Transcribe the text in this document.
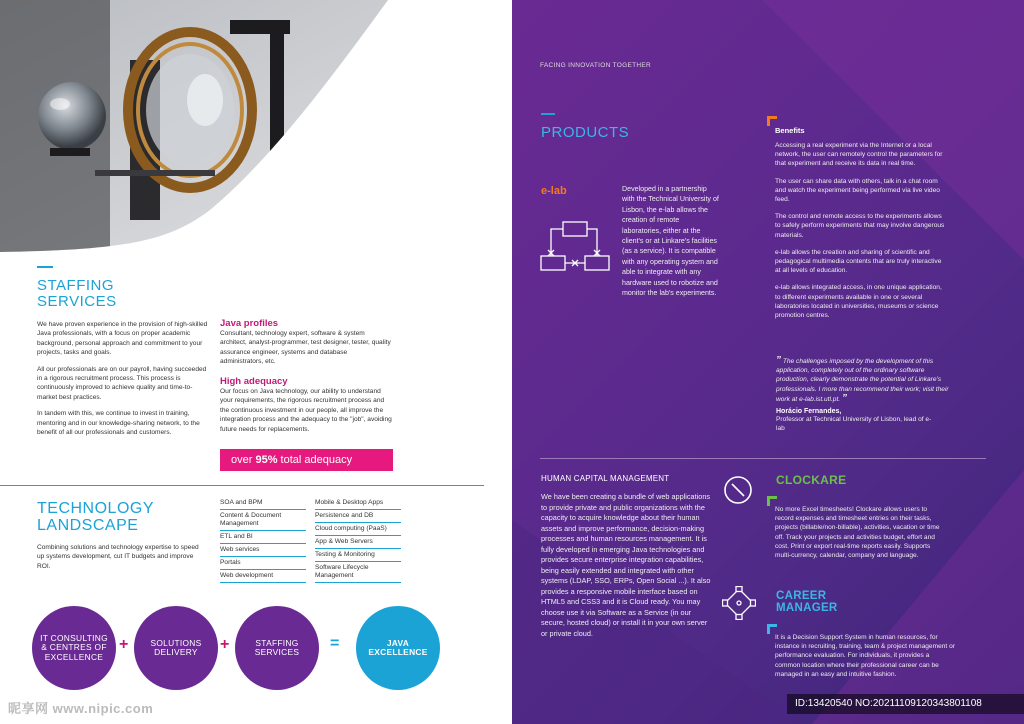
STAFFING
SERVICES

We have proven experience in the provision of high-skilled Java professionals, with a focus on proper academic background, personal approach and commitment to your projects, tasks and goals.

All our professionals are on our payroll, having succeeded in a rigorous recruitment process. This process is continuously improved to achieve quality and time-to-market best practices.

In tandem with this, we continue to invest in training, mentoring and in our knowledge-sharing network, to the benefit of all our professionals and customers.

Java profiles
Consultant, technology expert, software & system architect, analyst-programmer, test designer, tester, quality assurance engineer, systems and database administrators, etc.
High adequacy
Our focus on Java technology, our ability to understand your requirements, the rigorous recruitment process and the continuous investment in our people, all improve the integration process and the adequacy to the "job", avoiding future needs for replacements.
over 95% total adequacy
TECHNOLOGY
LANDSCAPE
Combining solutions and technology expertise to speed up systems development, cut IT budgets and improve ROI.
SOA and BPM
Content & Document Management
ETL and BI
Web services
Portals
Web development
Mobile & Desktop Apps
Persistence and DB
Cloud computing (PaaS)
App & Web Servers
Testing & Monitoring
Software Lifecycle Management
IT CONSULTING
& CENTRES OF
EXCELLENCE
+	SOLUTIONS
DELIVERY +	STAFFING
SERVICES =	JAVA
EXCELLENCE
昵享网 www.nipic.com
FACING INNOVATION TOGETHER
PRODUCTS
e-lab	Developed in a partnership with the Technical University of Lisbon, the e-lab allows the creation of remote laboratories, either at the client's or at Linkare's facilities (as a service). It is compatible with any operating system and able to integrate with any hardware used to robotize and monitor the lab's experiments.
Benefits

Accessing a real experiment via the Internet or a local network, the user can remotely control the parameters for that experiment and receive its data in real time.

The user can share data with others, talk in a chat room and watch the experiment being performed via live video feed.

The control and remote access to the experiments allows to safely perform experiments that may involve dangerous materials.

e-lab allows the creation and sharing of scientific and pedagogical multimedia contents that are truly interactive at all levels of education.

e-lab allows integrated access, in one unique application, to different experiments available in one or several laboratories located in universities, museums or science promotion centres.

” The challenges imposed by the development of this application, completely out of the ordinary software production, clearly demonstrate the potential of Linkare's professionals. I more than recommend their work; visit their work at e-lab.ist.utl.pt. ”
Horácio Fernandes,
Professor at Technical University of Lisbon, lead of e-lab
HUMAN CAPITAL MANAGEMENT
We have been creating a bundle of web applications to provide private and public organizations with the capacity to acquire knowledge about their human assets and improve performance, decision-making processes and human resources management. It is fully developed in emerging Java technologies and provides secure enterprise integration capabilities, being easily extended and integrated with other systems (LDAP, SSO, ERPs, Open Social ...). It also provides a responsive mobile interface based on HTML5 and CSS3 and it is Cloud ready. You may choose use it via Software as a Service (in our secure, hosted cloud) or install it in your own server or private cloud.
CLOCKARE
No more Excel timesheets! Clockare allows users to record expenses and timesheet entries on their tasks, projects (billable/non-billable), activities, vacation or time off. Track your projects and activities budget, effort and cost. Print or export real-time reports easily. Supports multi-currency, calendar, company and language.
CAREER
MANAGER
It is a Decision Support System in human resources, for instance in recruiting, training, team & project management or performance evaluation. For individuals, it provides a common location where their professional career can be managed in an easy and intuitive fashion.
ID:13420540 NO:20211109120343801108
